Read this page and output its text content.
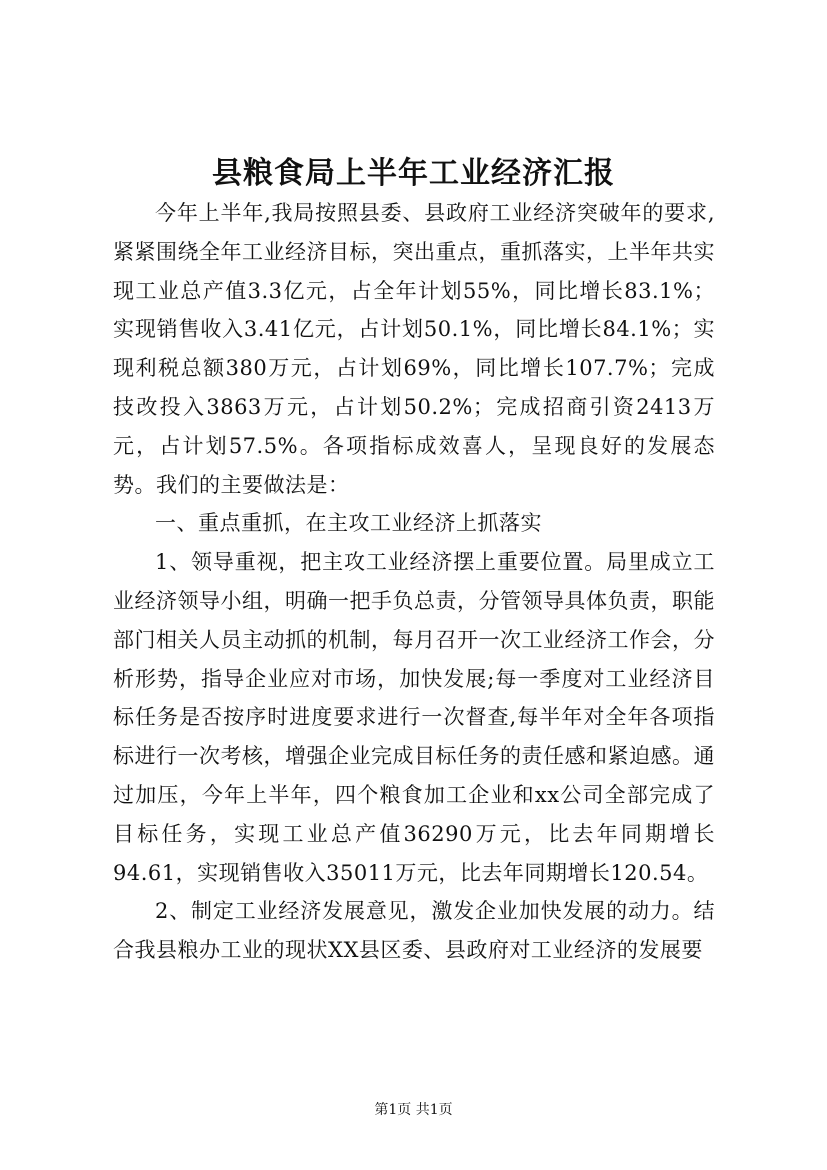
县粮食局上半年工业经济汇报

今年上半年,我局按照县委、县政府工业经济突破年的要求,紧紧围绕全年工业经济目标，突出重点，重抓落实，上半年共实现工业总产值3.3亿元，占全年计划55%，同比增长83.1%；实现销售收入3.41亿元，占计划50.1%，同比增长84.1%；实现利税总额380万元，占计划69%，同比增长107.7%；完成技改投入3863万元，占计划50.2%；完成招商引资2413万元，占计划57.5%。各项指标成效喜人，呈现良好的发展态势。我们的主要做法是：

一、重点重抓，在主攻工业经济上抓落实

1、领导重视，把主攻工业经济摆上重要位置。局里成立工业经济领导小组，明确一把手负总责，分管领导具体负责，职能部门相关人员主动抓的机制，每月召开一次工业经济工作会，分析形势，指导企业应对市场，加快发展;每一季度对工业经济目标任务是否按序时进度要求进行一次督查,每半年对全年各项指标进行一次考核，增强企业完成目标任务的责任感和紧迫感。通过加压，今年上半年，四个粮食加工企业和xx公司全部完成了目标任务，实现工业总产值36290万元，比去年同期增长94.61，实现销售收入35011万元，比去年同期增长120.54。

2、制定工业经济发展意见，激发企业加快发展的动力。结合我县粮办工业的现状XX县区委、县政府对工业经济的发展要

第1页 共1页
